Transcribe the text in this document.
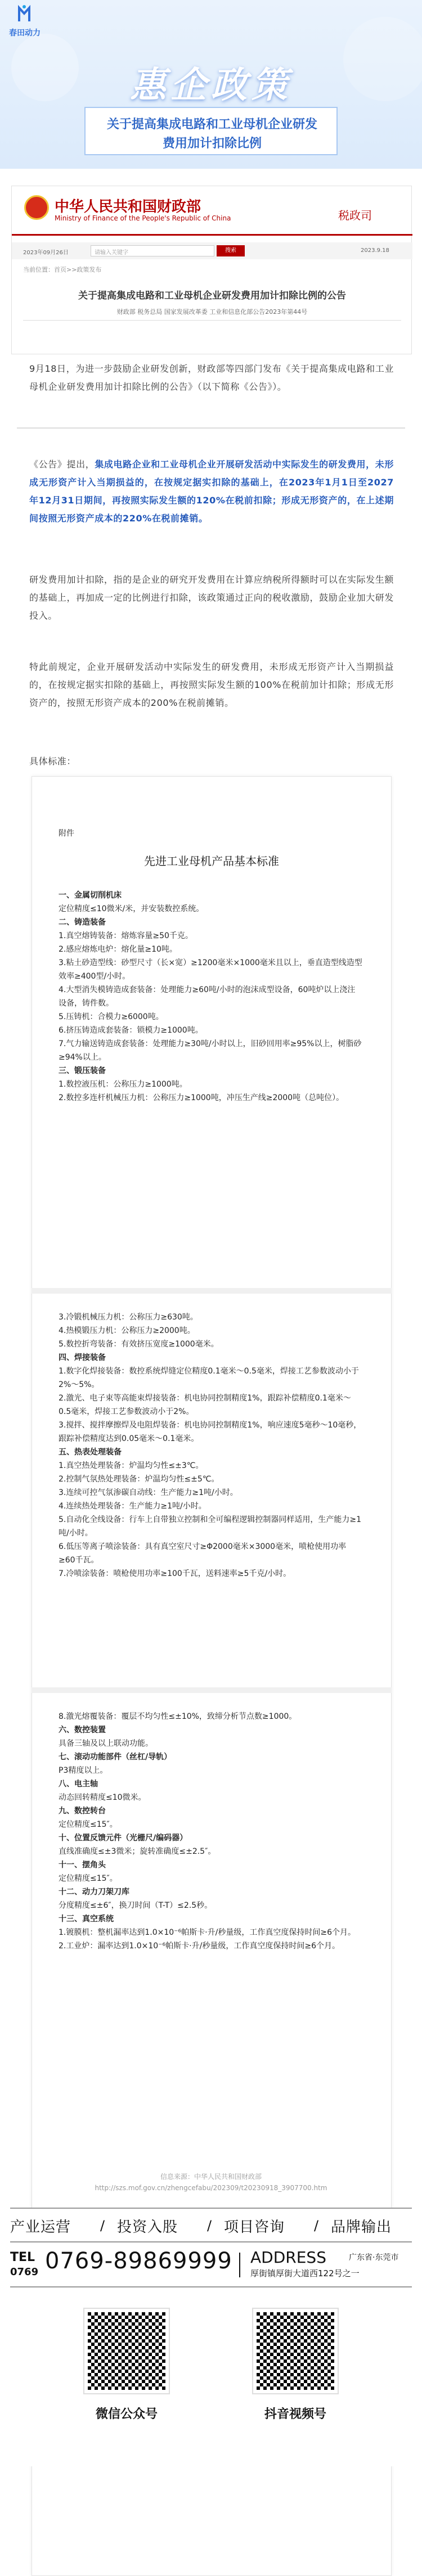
春田动力
惠企政策
关于提高集成电路和工业母机企业研发
费用加计扣除比例
中华人民共和国财政部
Ministry of Finance of the People's Republic of China	税政司
2023年09月26日	请输入关键字	搜索	2023.9.18
当前位置：首页>>政策发布
关于提高集成电路和工业母机企业研发费用加计扣除比例的公告
财政部 税务总局 国家发展改革委 工业和信息化部公告2023年第44号
9月18日，为进一步鼓励企业研发创新，财政部等四部门发布《关于提高集成电路和工业母机企业研发费用加计扣除比例的公告》（以下简称《公告》）。
《公告》提出，集成电路企业和工业母机企业开展研发活动中实际发生的研发费用，未形成无形资产计入当期损益的，在按规定据实扣除的基础上，在2023年1月1日至2027年12月31日期间，再按照实际发生额的120%在税前扣除；形成无形资产的，在上述期间按照无形资产成本的220%在税前摊销。
研发费用加计扣除，指的是企业的研究开发费用在计算应纳税所得额时可以在实际发生额的基础上，再加成一定的比例进行扣除，该政策通过正向的税收激励，鼓励企业加大研发投入。
特此前规定，企业开展研发活动中实际发生的研发费用，未形成无形资产计入当期损益的，在按规定据实扣除的基础上，再按照实际发生额的100%在税前加计扣除；形成无形资产的，按照无形资产成本的200%在税前摊销。
具体标准：
附件
先进工业母机产品基本标准
一、金属切削机床
定位精度≤10微米/米，并安装数控系统。
二、铸造装备
1.真空熔铸装备：熔炼容量≥50千克。
2.感应熔炼电炉：熔化量≥10吨。
3.粘土砂造型线：砂型尺寸（长×宽）≥1200毫米×1000毫米且以上，垂直造型线造型效率≥400型/小时。
4.大型消失模铸造成套装备：处理能力≥60吨/小时的泡沫成型设备，60吨炉以上浇注设备，铸件数。
5.压铸机：合模力≥6000吨。
6.挤压铸造成套装备：锁模力≥1000吨。
7.气力输送铸造成套装备：处理能力≥30吨/小时以上，旧砂回用率≥95%以上，树脂砂≥94%以上。
三、锻压装备
1.数控液压机：公称压力≥1000吨。
2.数控多连杆机械压力机：公称压力≥1000吨，冲压生产线≥2000吨（总吨位）。
3.冷锻机械压力机：公称压力≥630吨。
4.热模锻压力机：公称压力≥2000吨。
5.数控折弯装备：有效挤压宽度≥1000毫米。
四、焊接装备
1.数字化焊接装备：数控系统焊缝定位精度0.1毫米～0.5毫米，焊接工艺参数波动小于2%～5%。
2.激光、电子束等高能束焊接装备：机电协同控制精度1%，跟踪补偿精度0.1毫米～0.5毫米，焊接工艺参数波动小于2%。
3.搅拌、搅拌摩擦焊及电阻焊装备：机电协同控制精度1%，响应速度5毫秒～10毫秒，跟踪补偿精度达到0.05毫米～0.1毫米。
五、热表处理装备
1.真空热处理装备：炉温均匀性≤±3℃。
2.控制气氛热处理装备：炉温均匀性≤±5℃。
3.连续可控气氛渗碳自动线：生产能力≥1吨/小时。
4.连续热处理装备：生产能力≥1吨/小时。
5.自动化全线设备：行车上自带独立控制和全可编程逻辑控制器同样适用，生产能力≥1吨/小时。
6.低压等离子喷涂装备：具有真空室尺寸≥Φ2000毫米×3000毫米，喷枪使用功率≥60千瓦。
7.冷喷涂装备：喷枪使用功率≥100千瓦，送料速率≥5千克/小时。
8.激光熔覆装备：覆层不均匀性≤±10%，致缔分析节点数≥1000。
六、数控装置
具备三轴及以上联动功能。
七、滚动功能部件（丝杠/导轨）
P3精度以上。
八、电主轴
动态回转精度≤10微米。
九、数控转台
定位精度≤15″。
十、位置反馈元件（光栅尺/编码器）
直线准确度≤±3微米；旋转准确度≤±2.5″。
十一、摆角头
定位精度≤15″。
十二、动力刀架刀库
分度精度≤±6″，换刀时间（T-T）≤2.5秒。
十三、真空系统
1.镀膜机：整机漏率达到1.0×10⁻⁶帕斯卡·升/秒量级，工作真空度保持时间≥6个月。
2.工业炉：漏率达到1.0×10⁻⁶帕斯卡·升/秒量级，工作真空度保持时间≥6个月。
信息来源：中华人民共和国财政部
http://szs.mof.gov.cn/zhengcefabu/202309/t20230918_3907700.htm
产业运营	投资入股	项目咨询	品牌输出
/	/	/
TEL
0769 0769-89869999 ADDRESS	广东省·东莞市
厚街镇厚街大道西122号之一
微信公众号	抖音视频号
